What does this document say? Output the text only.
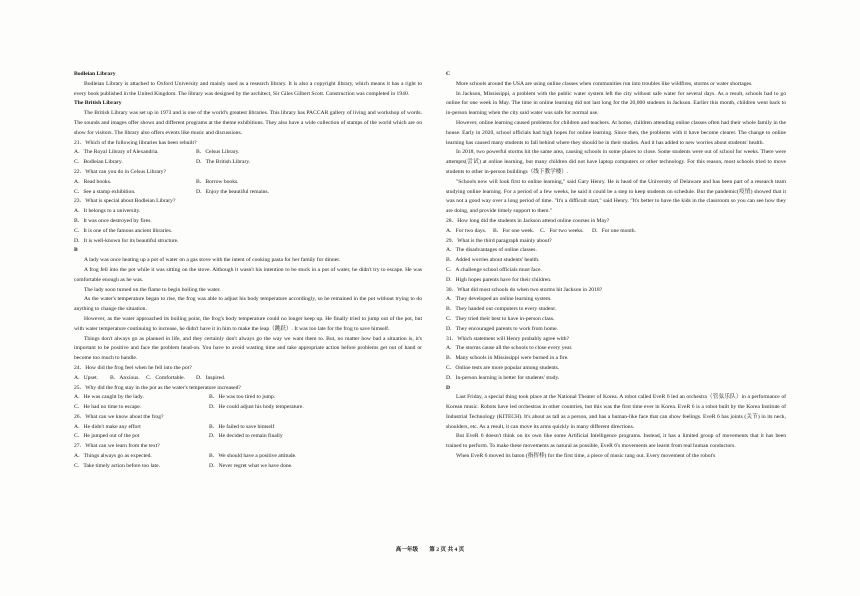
Bodleian Library

Bodleian Library is attached to Oxford University and mainly used as a research library. It is also a copyright library, which means it has a right to every book published in the United Kingdom. The library was designed by the architect, Sir Giles Gilbert Scott. Construction was completed in 1940.

The British Library

The British Library was set up in 1973 and is one of the world's greatest libraries. This library has PACCAR gallery of living and workshop of words. The sounds and images offer shows and different programs at the theme exhibitions. They also have a wide collection of stamps of the world which are on show for visitors. The library also offers events like music and discussions.

21．Which of the following libraries has been rebuilt?

A．The Royal Library of Alexandria.	B．Celsus Library.
C．Bodleian Library.	D．The British Library.

22．What can you do in Celsus Library?

A．Read books.	B．Borrow books.
C．See a stamp exhibition.	D．Enjoy the beautiful remains.

23．What is special about Bodleian Library?

A．It belongs to a university.

B．It was once destroyed by fires.

C．It is one of the famous ancient libraries.

D．It is well-known for its beautiful structure.

B

A lady was once heating up a pot of water on a gas stove with the intent of cooking pasta for her family for dinner.

A frog fell into the pot while it was sitting on the stove. Although it wasn't his intention to be stuck in a pot of water, he didn't try to escape. He was comfortable enough as he was.

The lady soon turned on the flame to begin boiling the water.

As the water's temperature began to rise, the frog was able to adjust his body temperature accordingly, so he remained in the pot without trying to do anything to change the situation.

However, as the water approached its boiling point, the frog's body temperature could no longer keep up. He finally tried to jump out of the pot, but with water temperature continuing to increase, he didn't have it in him to make the leap（跳跃）. It was too late for the frog to save himself.

Things don't always go as planned in life, and they certainly don't always go the way we want them to. But, no matter how bad a situation is, it's important to be positive and face the problem head-on. You have to avoid wasting time and take appropriate action before problems get out of hand or become too much to handle.

24．How did the frog feel when he fell into the pot?

A．Upset.	B．Anxious.	C．Comfortable.	D．Inspired.

25．Why did the frog stay in the pot as the water's temperature increased?

A．He was caught by the lady.	B．He was too tired to jump.
C．He had no time to escape.	D．He could adjust his body temperature.

26．What can we know about the frog?

A．He didn't make any effort	B．He failed to save himself
C．He jumped out of the pot	D．He decided to remain finally

27．What can we learn from the text?

A．Things always go as expected.	B．We should have a positive attitude.
C．Take timely action before too late.	D．Never regret what we have done.

C

More schools around the USA are using online classes when communities run into troubles like wildfires, storms or water shortages.

In Jackson, Mississippi, a problem with the public water system left the city without safe water for several days. As a result, schools had to go online for one week in May. The time in online learning did not last long for the 20,000 students in Jackson. Earlier this month, children went back to in-person learning when the city said water was safe for normal use.

However, online learning caused problems for children and teachers. At home, children attending online classes often had their whole family in the house. Early in 2020, school officials had high hopes for online learning. Since then, the problems with it have become clearer. The change to online learning has caused many students to fall behind where they should be in their studies. And it has added to new worries about students' health.

In 2018, two powerful storms hit the same area, causing schools in some places to close. Some students were out of school for weeks. There were attempts(尝试) at online learning, but many children did not have laptop computers or other technology. For this reason, most schools tried to move students to other in-person buildings（线下教学楼）.

"Schools now will look first to online learning," said Gary Henry. He is head of the University of Delaware and has been part of a research team studying online learning. For a period of a few weeks, he said it could be a step to keep students on schedule. But the pandemic(疫情) showed that it was not a good way over a long period of time. "It's a difficult start," said Henry. "It's better to have the kids in the classroom so you can see how they are doing, and provide timely support to them."

28．How long did the students in Jackson attend online courses in May?

A．For two days.	B．For one week.	C．For two weeks.	D．For one month.

29．What is the third paragraph mainly about?

A．The disadvantages of online classes.

B．Added worries about students' health.

C．A challenge school officials must face.

D．High hopes parents have for their children.

30．What did most schools do when two storms hit Jackson in 2018?

A．They developed an online learning system.

B．They handed out computers to every student.

C．They tried their best to have in-person class.

D．They encouraged parents to work from home.

31．Which statement will Henry probably agree with?

A．The storms cause all the schools to close every year.

B．Many schools in Mississippi were burned in a fire.

C．Online tests are more popular among students.

D．In-person learning is better for students' study.

D

Last Friday, a special thing took place at the National Theater of Korea. A robot called EveR 6 led an orchestra（管弦乐队）in a performance of Korean music. Robots have led orchestras in other countries, but this was the first time ever in Korea. EveR 6 is a robot built by the Korea Institute of Industrial Technology (KITECH). It's about as tall as a person, and has a human-like face that can show feelings. EveR 6 has joints (关节) in its neck, shoulders, etc. As a result, it can move its arms quickly in many different directions.

But EveR 6 doesn't think on its own like some Artificial Intelligence programs. Instead, it has a limited group of movements that it has been trained to perform. To make these movements as natural as possible, EveR 6's movements are learnt from real human conductors.

When EveR 6 moved its baton (指挥棒) for the first time, a piece of music rang out. Every movement of the robot's

高一年级　　第 2 页 共 4 页
